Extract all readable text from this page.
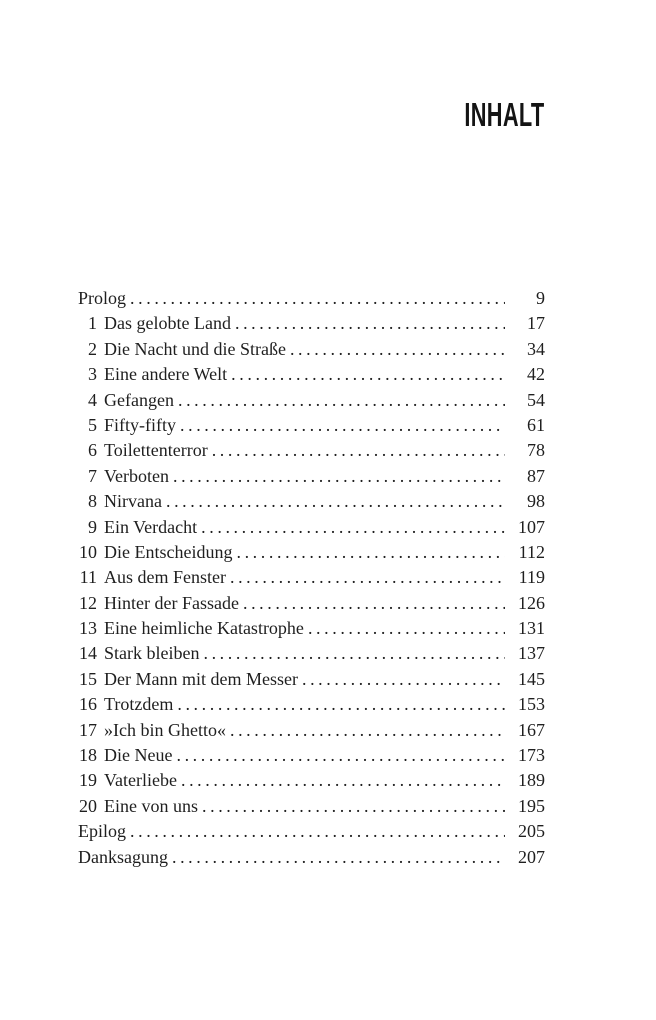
INHALT
Prolog .....	9
1 Das gelobte Land .....	17
2 Die Nacht und die Straße .....	34
3 Eine andere Welt .....	42
4 Gefangen .....	54
5 Fifty-fifty .....	61
6 Toilettenterror .....	78
7 Verboten .....	87
8 Nirvana .....	98
9 Ein Verdacht .....	107
10 Die Entscheidung .....	112
11 Aus dem Fenster .....	119
12 Hinter der Fassade .....	126
13 Eine heimliche Katastrophe .....	131
14 Stark bleiben .....	137
15 Der Mann mit dem Messer .....	145
16 Trotzdem .....	153
17 »Ich bin Ghetto« .....	167
18 Die Neue .....	173
19 Vaterliebe .....	189
20 Eine von uns .....	195
Epilog .....	205
Danksagung .....	207
